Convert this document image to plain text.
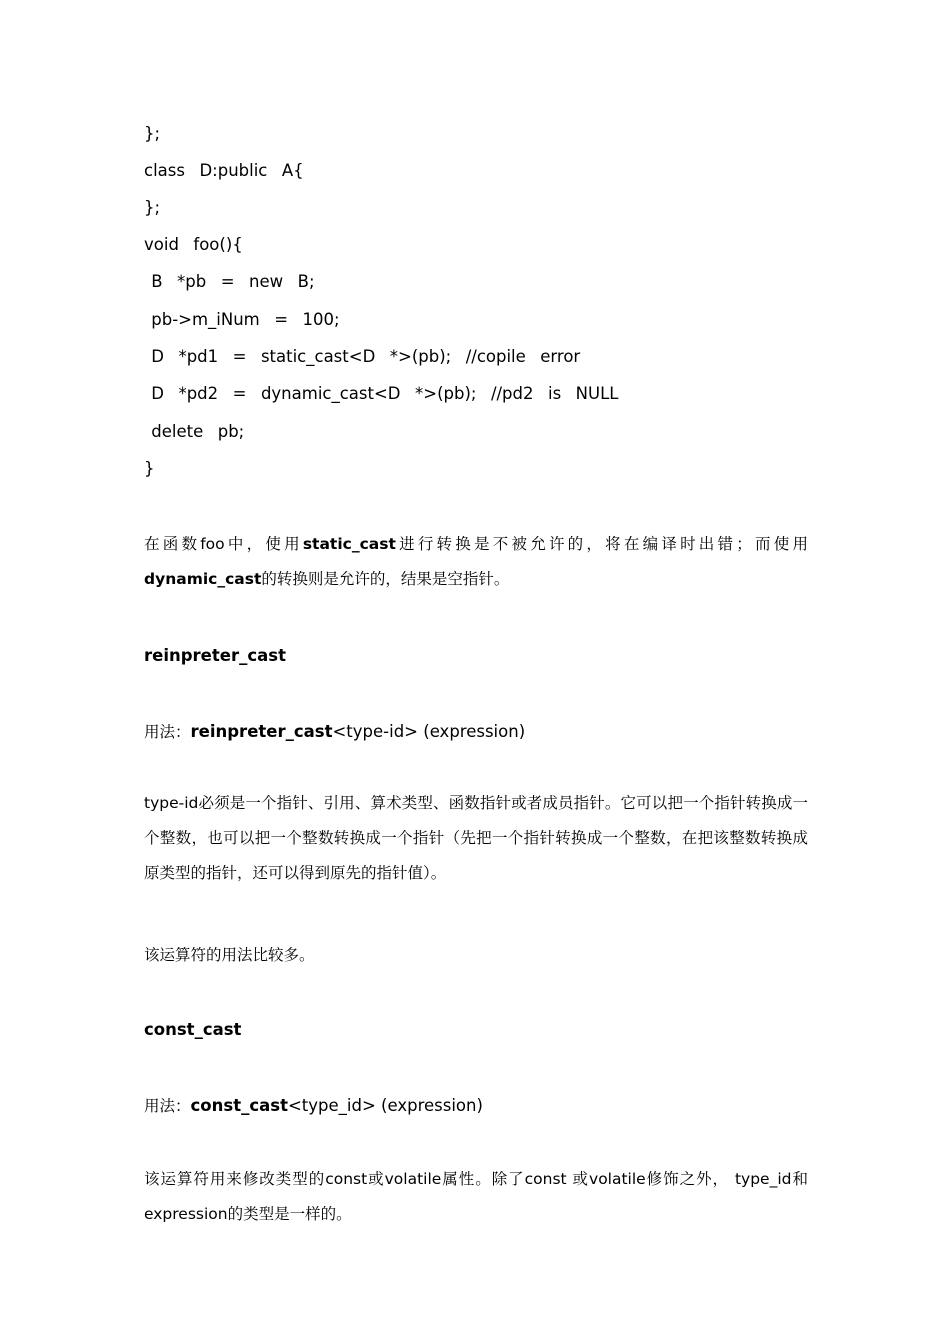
};
class  D:public  A{
};
void  foo(){
B  *pb  =  new  B;
pb->m_iNum  =  100;
D  *pd1  =  static_cast<D  *>(pb);  //copile  error
D  *pd2  =  dynamic_cast<D  *>(pb);  //pd2  is  NULL
delete  pb;
}
在函数foo中，使用static_cast进行转换是不被允许的，将在编译时出错；而使用 dynamic_cast的转换则是允许的，结果是空指针。
reinpreter_cast
用法：reinpreter_cast<type-id> (expression)
type-id必须是一个指针、引用、算术类型、函数指针或者成员指针。它可以把一个指针转换成一个整数，也可以把一个整数转换成一个指针（先把一个指针转换成一个整数，在把该整数转换成原类型的指针，还可以得到原先的指针值）。
该运算符的用法比较多。
const_cast
用法：const_cast<type_id> (expression)
该运算符用来修改类型的const或volatile属性。除了const 或volatile修饰之外， type_id和expression的类型是一样的。
